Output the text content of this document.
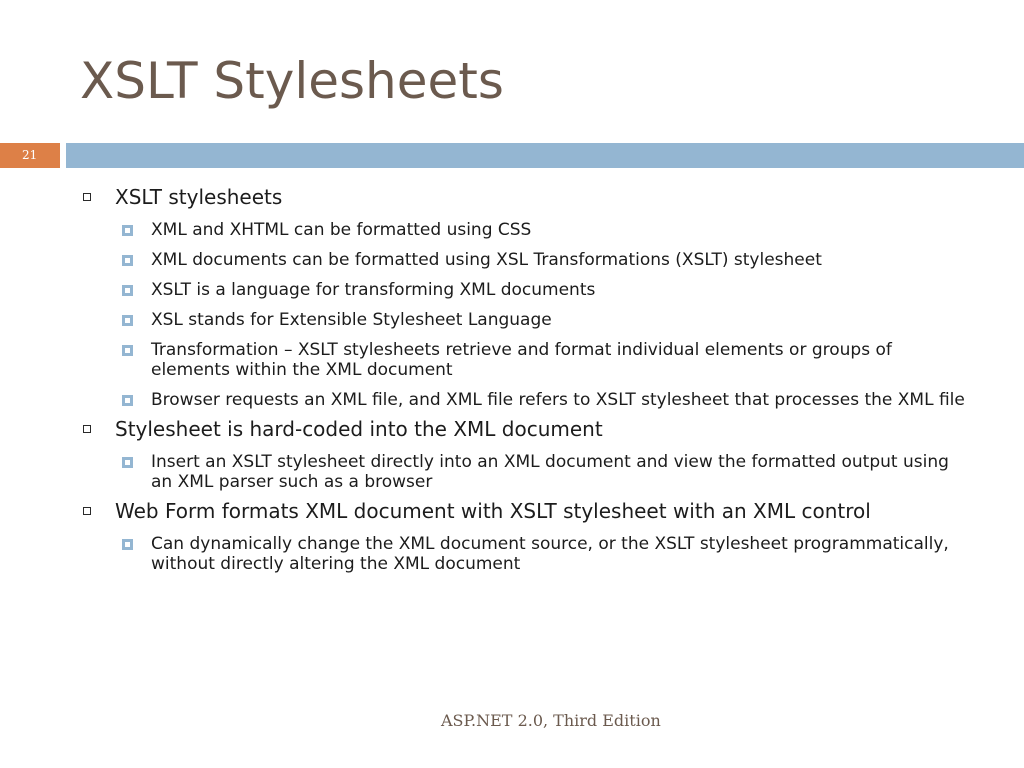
XSLT Stylesheets
21
XSLT stylesheets
XML and XHTML can be formatted using CSS
XML documents can be formatted using XSL Transformations (XSLT) stylesheet
XSLT is a language for transforming XML documents
XSL stands for Extensible Stylesheet Language
Transformation – XSLT stylesheets retrieve and format individual elements or groups of elements within the XML document
Browser requests an XML file, and XML file refers to XSLT stylesheet that processes the XML file
Stylesheet is hard-coded into the XML document
Insert an XSLT stylesheet directly into an XML document and view the formatted output using an XML parser such as a browser
Web Form formats XML document with XSLT stylesheet with an XML control
Can dynamically change the XML document source, or the XSLT stylesheet programmatically, without directly altering the XML document
ASP.NET 2.0, Third Edition
